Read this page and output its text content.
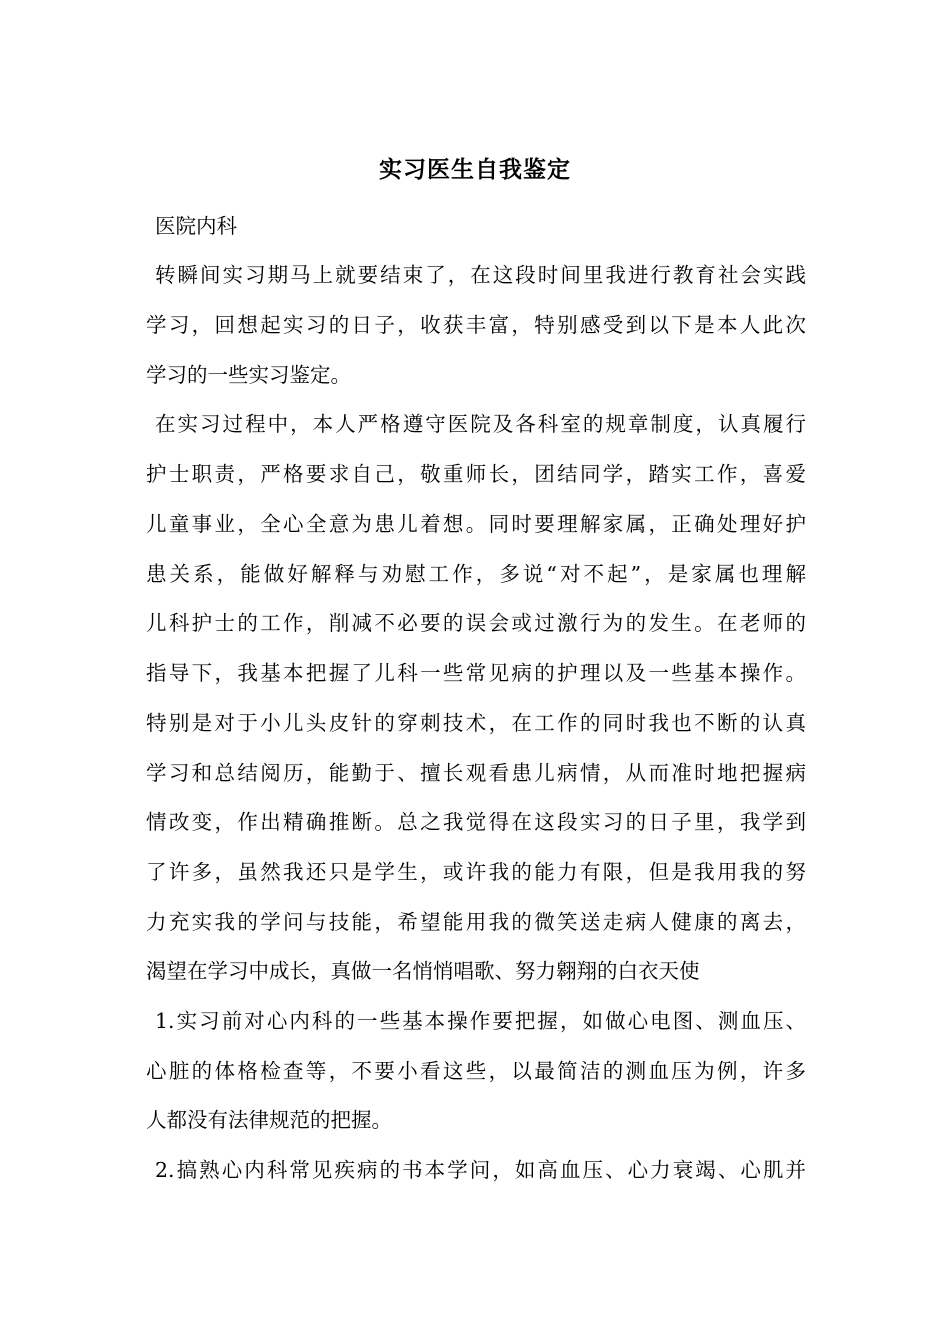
实习医生自我鉴定
医院内科
转瞬间实习期马上就要结束了，在这段时间里我进行教育社会实践
学习，回想起实习的日子，收获丰富，特别感受到以下是本人此次
学习的一些实习鉴定。
在实习过程中，本人严格遵守医院及各科室的规章制度，认真履行
护士职责，严格要求自己，敬重师长，团结同学，踏实工作，喜爱
儿童事业，全心全意为患儿着想。同时要理解家属，正确处理好护
患关系，能做好解释与劝慰工作，多说“对不起”，是家属也理解
儿科护士的工作，削减不必要的误会或过激行为的发生。在老师的
指导下，我基本把握了儿科一些常见病的护理以及一些基本操作。
特别是对于小儿头皮针的穿刺技术，在工作的同时我也不断的认真
学习和总结阅历，能勤于、擅长观看患儿病情，从而准时地把握病
情改变，作出精确推断。总之我觉得在这段实习的日子里，我学到
了许多，虽然我还只是学生，或许我的能力有限，但是我用我的努
力充实我的学问与技能，希望能用我的微笑送走病人健康的离去，
渴望在学习中成长，真做一名悄悄唱歌、努力翱翔的白衣天使
1.实习前对心内科的一些基本操作要把握，如做心电图、测血压、
心脏的体格检查等，不要小看这些，以最简洁的测血压为例，许多
人都没有法律规范的把握。
2.搞熟心内科常见疾病的书本学问，如高血压、心力衰竭、心肌并
